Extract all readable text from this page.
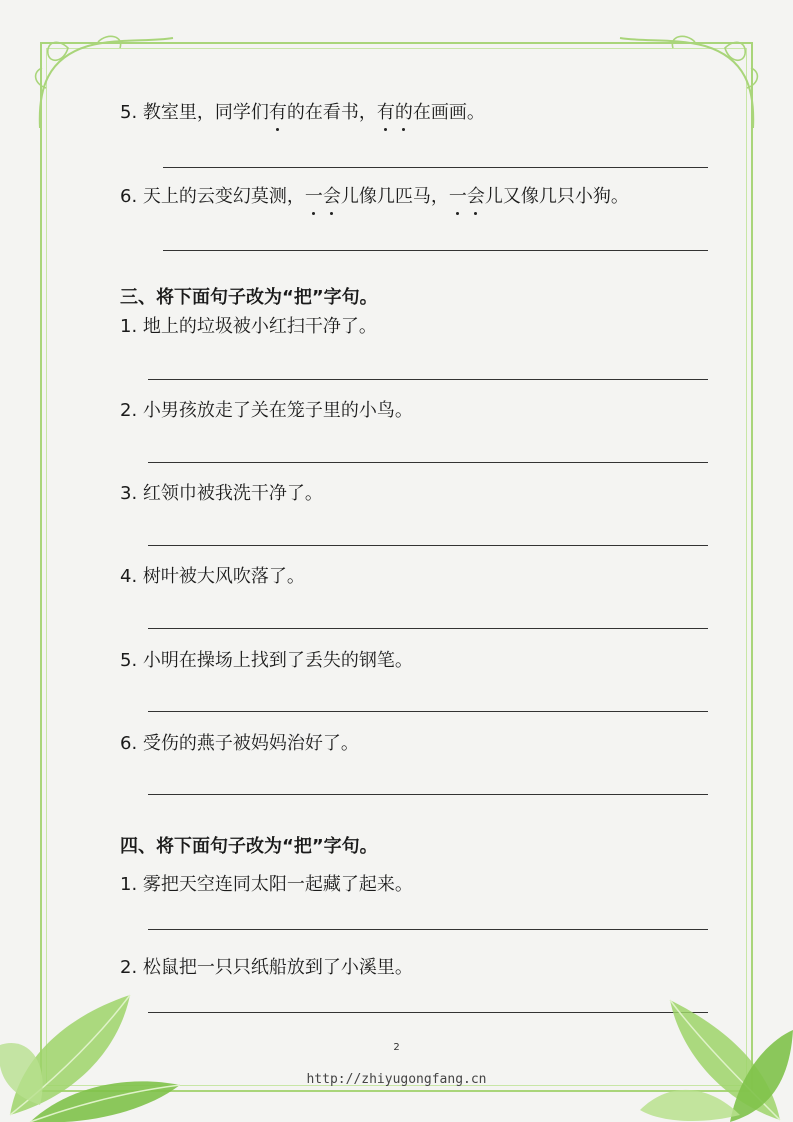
5. 教室里，同学们有的在看书，有的在画画。
6. 天上的云变幻莫测，一会儿像几匹马，一会儿又像几只小狗。
三、将下面句子改为“把”字句。
1. 地上的垃圾被小红扫干净了。
2. 小男孩放走了关在笼子里的小鸟。
3. 红领巾被我洗干净了。
4. 树叶被大风吹落了。
5. 小明在操场上找到了丢失的钢笔。
6. 受伤的燕子被妈妈治好了。
四、将下面句子改为“把”字句。
1. 雾把天空连同太阳一起藏了起来。
2. 松鼠把一只只纸船放到了小溪里。
2
http://zhiyugongfang.cn
